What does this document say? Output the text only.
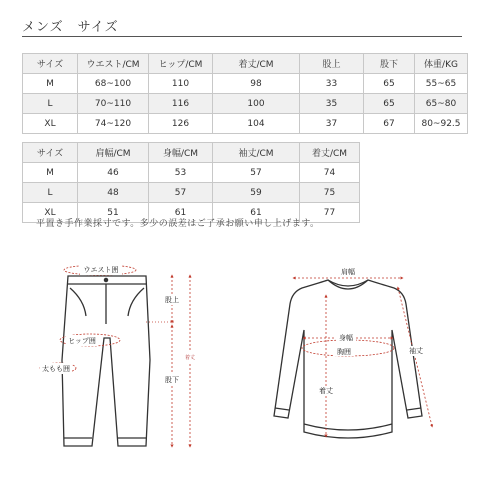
メンズ　サイズ
サイズ	ウエスト/CM	ヒップ/CM	着丈/CM	股上	股下	体重/KG
M	68~100	110	98	33	65	55~65
L	70~110	116	100	35	65	65~80
XL	74~120	126	104	37	67	80~92.5
サイズ	肩幅/CM	身幅/CM	袖丈/CM	着丈/CM
M	46	53	57	74
L	48	57	59	75
XL	51	61	61	77
平置き手作業採寸です。多少の誤差はご了承お願い申し上げます。
ウエスト囲
ヒップ囲
太もも囲
股上
股下
着丈
肩幅
身幅
胸囲
着丈
袖丈
